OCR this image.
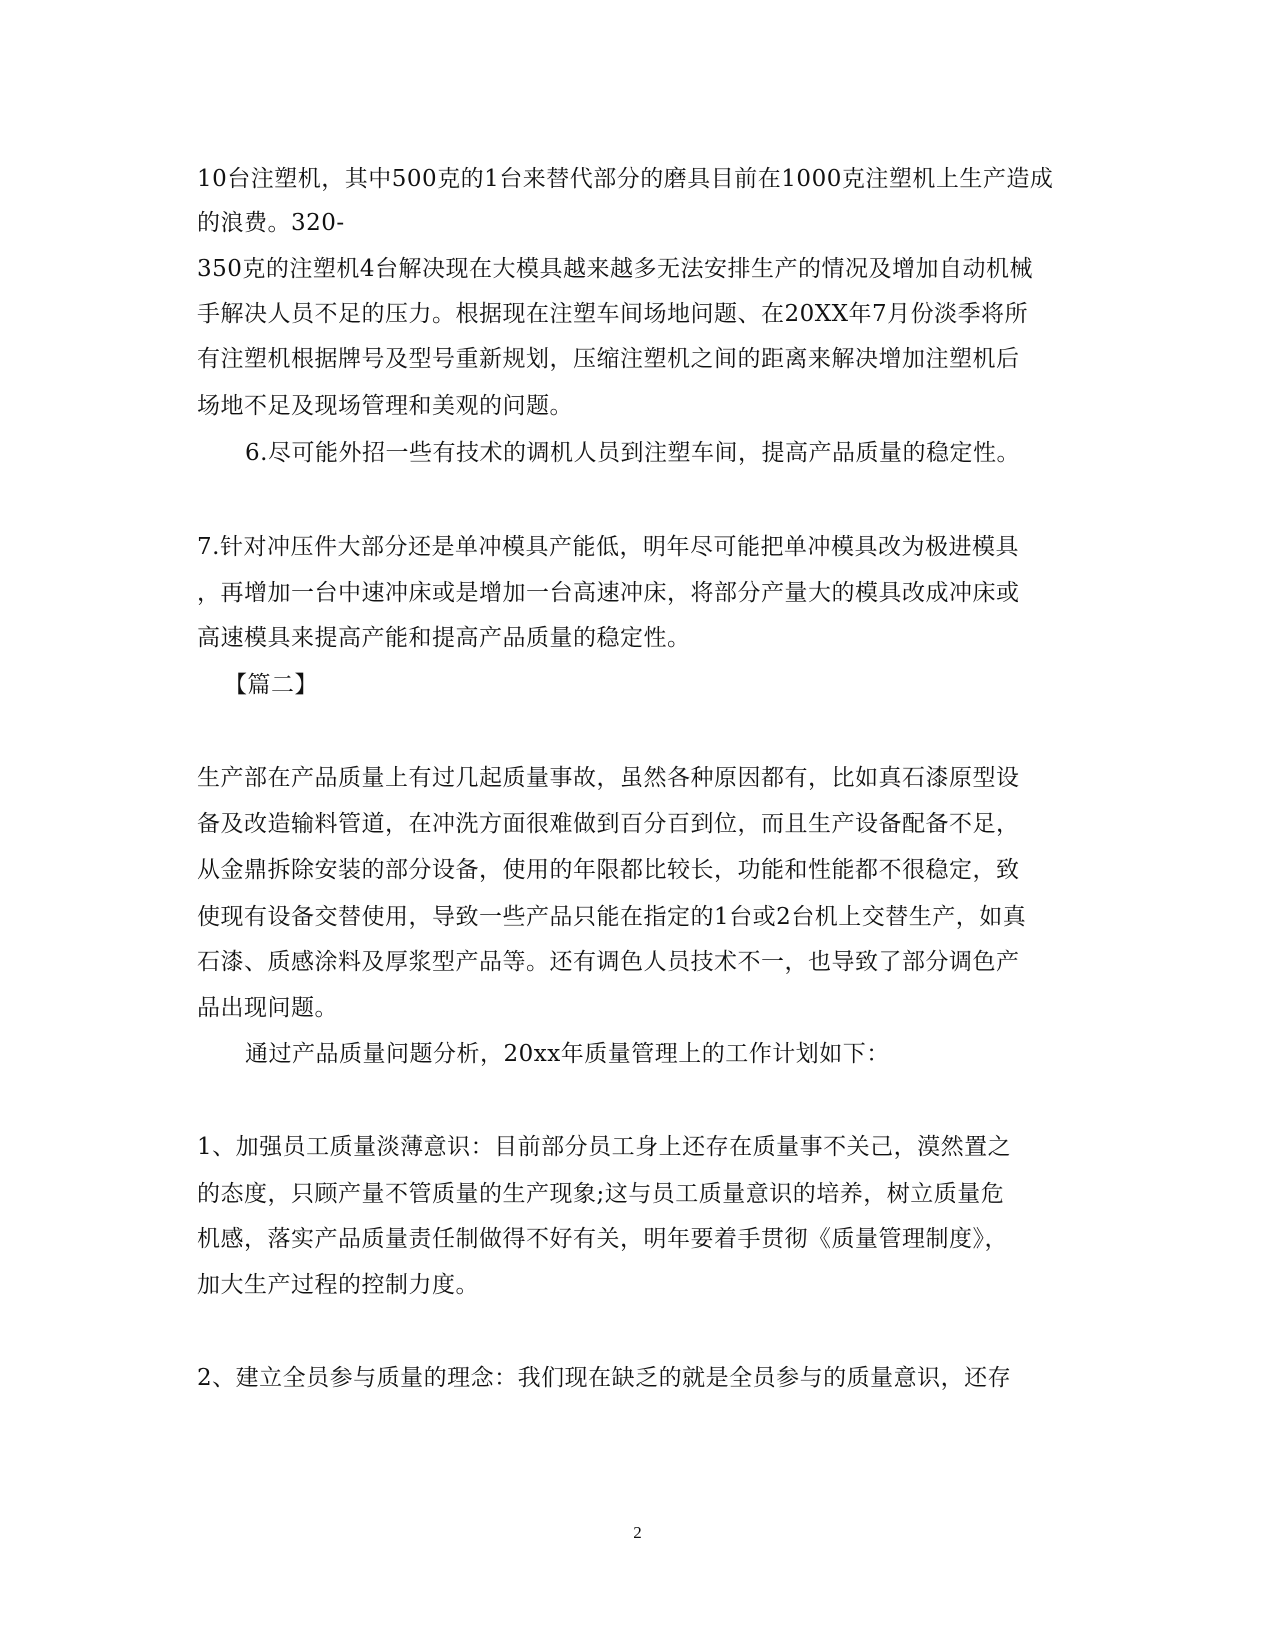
10台注塑机，其中500克的1台来替代部分的磨具目前在1000克注塑机上生产造成
的浪费。320-
350克的注塑机4台解决现在大模具越来越多无法安排生产的情况及增加自动机械
手解决人员不足的压力。根据现在注塑车间场地问题、在20XX年7月份淡季将所
有注塑机根据牌号及型号重新规划，压缩注塑机之间的距离来解决增加注塑机后
场地不足及现场管理和美观的问题。
6.尽可能外招一些有技术的调机人员到注塑车间，提高产品质量的稳定性。
7.针对冲压件大部分还是单冲模具产能低，明年尽可能把单冲模具改为极进模具
，再增加一台中速冲床或是增加一台高速冲床，将部分产量大的模具改成冲床或
高速模具来提高产能和提高产品质量的稳定性。
【篇二】
生产部在产品质量上有过几起质量事故，虽然各种原因都有，比如真石漆原型设
备及改造输料管道，在冲洗方面很难做到百分百到位，而且生产设备配备不足，
从金鼎拆除安装的部分设备，使用的年限都比较长，功能和性能都不很稳定，致
使现有设备交替使用，导致一些产品只能在指定的1台或2台机上交替生产，如真
石漆、质感涂料及厚浆型产品等。还有调色人员技术不一，也导致了部分调色产
品出现问题。
通过产品质量问题分析，20xx年质量管理上的工作计划如下：
1、加强员工质量淡薄意识：目前部分员工身上还存在质量事不关己，漠然置之
的态度，只顾产量不管质量的生产现象;这与员工质量意识的培养，树立质量危
机感，落实产品质量责任制做得不好有关，明年要着手贯彻《质量管理制度》，
加大生产过程的控制力度。
2、建立全员参与质量的理念：我们现在缺乏的就是全员参与的质量意识，还存
2
